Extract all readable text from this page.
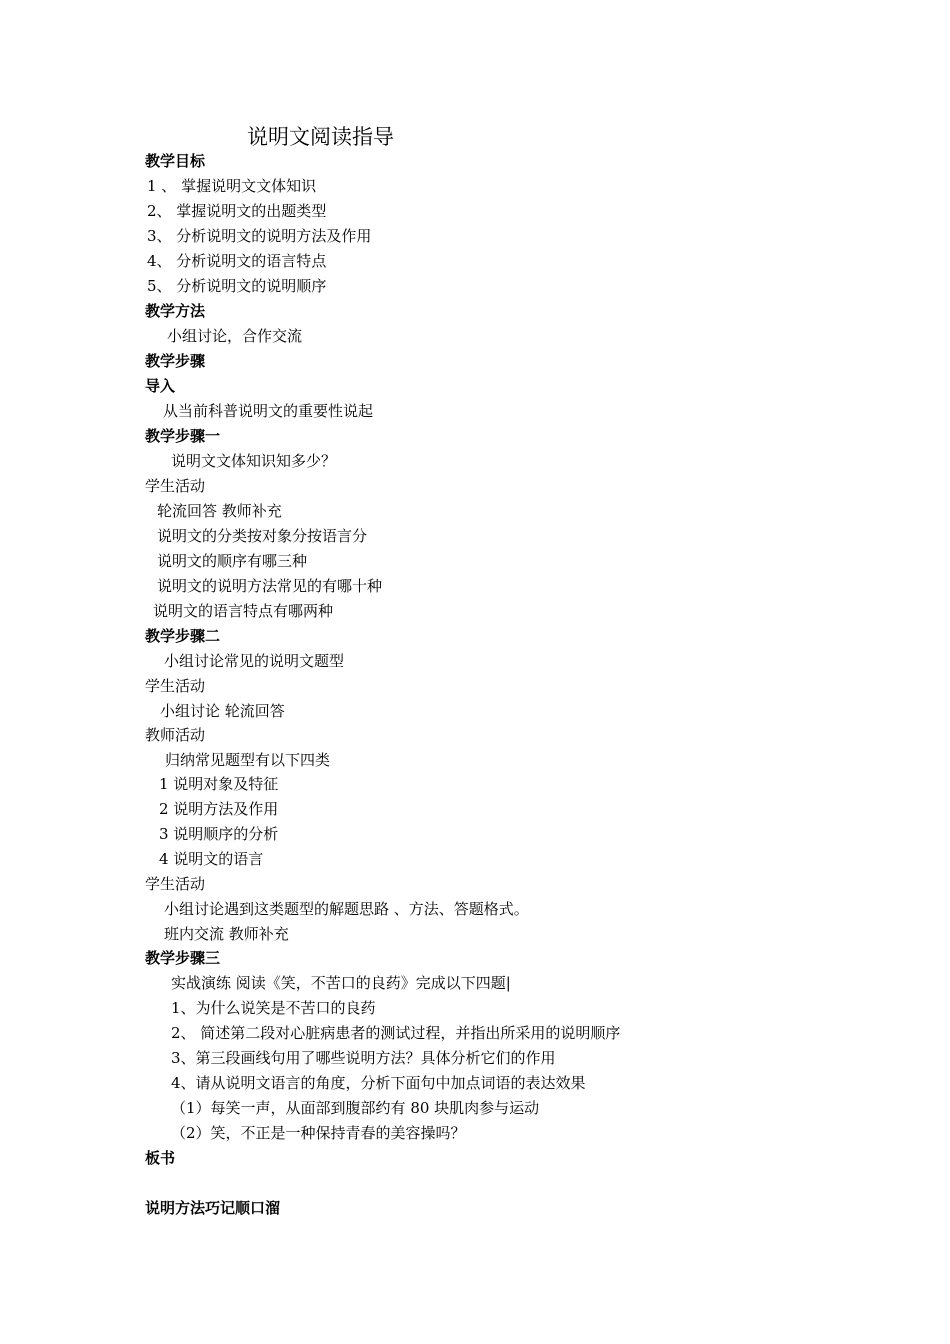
说明文阅读指导
教学目标
1 、 掌握说明文文体知识
2、 掌握说明文的出题类型
3、 分析说明文的说明方法及作用
4、 分析说明文的语言特点
5、 分析说明文的说明顺序
教学方法
小组讨论，合作交流
教学步骤
导入
从当前科普说明文的重要性说起
教学步骤一
说明文文体知识知多少？
学生活动
轮流回答 教师补充
说明文的分类按对象分按语言分
说明文的顺序有哪三种
说明文的说明方法常见的有哪十种
说明文的语言特点有哪两种
教学步骤二
小组讨论常见的说明文题型
学生活动
小组讨论 轮流回答
教师活动
归纳常见题型有以下四类
1 说明对象及特征
2 说明方法及作用
3 说明顺序的分析
4 说明文的语言
学生活动
小组讨论遇到这类题型的解题思路 、方法、答题格式。
班内交流 教师补充
教学步骤三
实战演练 阅读《笑，不苦口的良药》完成以下四题|
1、为什么说笑是不苦口的良药
2、 简述第二段对心脏病患者的测试过程，并指出所采用的说明顺序
3、第三段画线句用了哪些说明方法？具体分析它们的作用
4、请从说明文语言的角度，分析下面句中加点词语的表达效果
（1）每笑一声，从面部到腹部约有 80 块肌肉参与运动
（2）笑，不正是一种保持青春的美容操吗？
板书
说明方法巧记顺口溜
